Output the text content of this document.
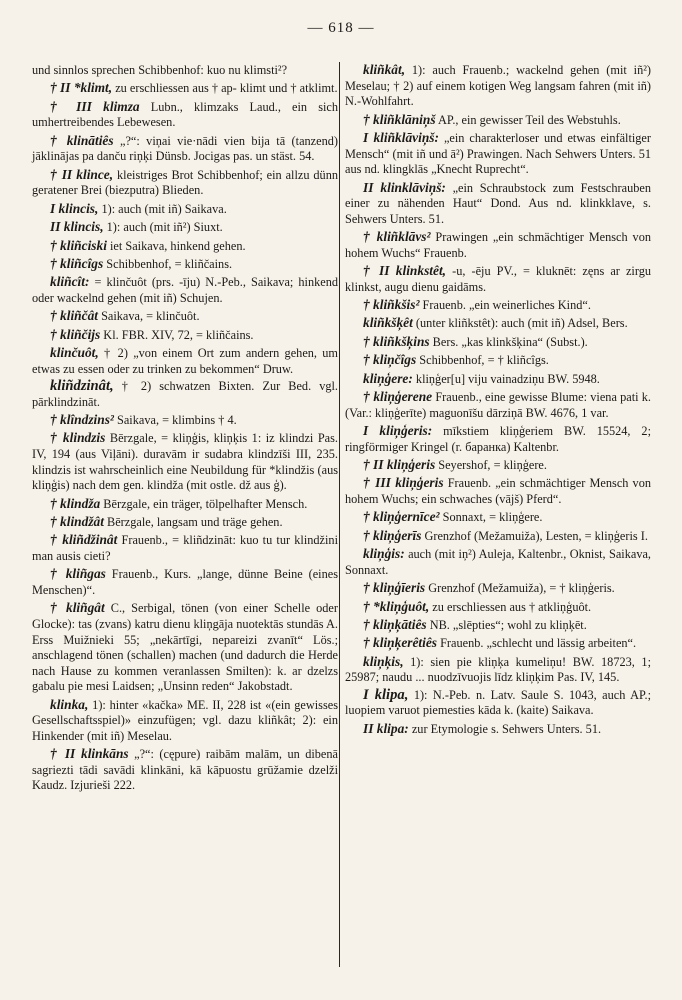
— 618 —

und sinnlos sprechen Schibbenhof: kuo nu klimsti²?

† II *klimt, zu erschliessen aus † ap- klimt und † atklimt.

† III klimza Lubn., klimzaks Laud., ein sich umhertreibendes Lebewesen.

† klinātiês „?“: viņai vie·nādi vien bija tā (tanzend) jāklinājas pa danču riņķi Dünsb. Jocigas pas. un stäst. 54.

† II klince, kleistriges Brot Schibbenhof; ein allzu dünn geratener Brei (biezputra) Blieden.

I klincis, 1): auch (mit iñ) Saikava.

II klincis, 1): auch (mit iñ²) Siuxt.

† kliñciski iet Saikava, hinkend gehen.

† kliñcîgs Schibbenhof, = kliñčains.

kliñcît: = klinčuôt (prs. -īju) N.-Peb., Saikava; hinkend oder wackelnd gehen (mit iñ) Schujen.

† kliñčât Saikava, = klinčuôt.

† kliñčijs Kl. FBR. XIV, 72, = kliñčains.

klinčuôt, † 2) „von einem Ort zum andern gehen, um etwas zu essen oder zu trinken zu bekommen“ Druw.

kliñdzinât, † 2) schwatzen Bixten. Zur Bed. vgl. pārklindzināt.

† klîndzins² Saikava, = klimbins † 4.

† klindzis Bērzgale, = kliņģis, kliņķis 1: iz klindzi Pas. IV, 194 (aus Viļāni). duravām ir sudabra klindzīši III, 235. klindzis ist wahrscheinlich eine Neubildung für *klindžis (aus kliņģis) nach dem gen. klindža (mit ostle. dž aus ģ).

† klindža Bērzgale, ein träger, tölpelhafter Mensch.

† klindžât Bērzgale, langsam und träge gehen.

† kliñdžinât Frauenb., = kliñdzināt: kuo tu tur klindžini man ausis cieti?

† kliñgas Frauenb., Kurs. „lange, dünne Beine (eines Menschen)“.

† kliñgât C., Serbigal, tönen (von einer Schelle oder Glocke): tas (zvans) katru dienu kliņgāja nuotektās stundās A. Erss Muižnieki 55; „nekārtīgi, nepareizi zvanīt“ Lös.; anschlagend tönen (schallen) machen (und dadurch die Herde nach Hause zu kommen veranlassen Smilten): k. ar dzelzs gabalu pie mesi Laidsen; „Unsinn reden“ Jakobstadt.

klinka, 1): hinter «kačka» ME. II, 228 ist «(ein gewisses Gesellschaftsspiel)» einzufügen; vgl. dazu kliñkât; 2): ein Hinkender (mit iñ) Meselau.

† II klinkāns „?“: (cępure) raibām malām, un dibenā sagriezti tādi savādi klinkāni, kā kāpuostu grūžamie dzelži Kaudz. Izjurieši 222.

kliñkât, 1): auch Frauenb.; wackelnd gehen (mit iñ²) Meselau; † 2) auf einem kotigen Weg langsam fahren (mit iñ) N.-Wohlfahrt.

† kliñklāniņš AP., ein gewisser Teil des Webstuhls.

I kliñklāviņš: „ein charakterloser und etwas einfältiger Mensch“ (mit iñ und ā²) Prawingen. Nach Sehwers Unters. 51 aus nd. klingklās „Knecht Ruprecht“.

II klinklāviņš: „ein Schraubstock zum Festschrauben einer zu nähenden Haut“ Dond. Aus nd. klinkklave, s. Sehwers Unters. 51.

† kliñklāvs² Prawingen „ein schmächtiger Mensch von hohem Wuchs“ Frauenb.

† II klinkstêt, -u, -ēju PV., = kluknēt: zęns ar zirgu klinkst, augu dienu gaidāms.

† kliñkšis² Frauenb. „ein weinerliches Kind“.

kliñkšķêt (unter kliñkstêt): auch (mit iñ) Adsel, Bers.

† kliñkšķins Bers. „kas klinkšķina“ (Subst.).

† kliņčîgs Schibbenhof, = † kliñcîgs.

kliņģere: kliņģer[u] viju vainadziņu BW. 5948.

† kliņģerene Frauenb., eine gewisse Blume: viena pati k. (Var.: kliņģerīte) maguonīšu dārziņā BW. 4676, 1 var.

I kliņģeris: mīkstiem kliņģeriem BW. 15524, 2; ringförmiger Kringel (r. баранка) Kaltenbr.

† II kliņģeris Seyershof, = kliņģere.

† III kliņģeris Frauenb. „ein schmächtiger Mensch von hohem Wuchs; ein schwaches (vājš) Pferd“.

† kliņģernīce² Sonnaxt, = kliņģere.

† kliņģerīs Grenzhof (Mežamuiža), Lesten, = kliņģeris I.

kliņģis: auch (mit iņ²) Auleja, Kaltenbr., Oknist, Saikava, Sonnaxt.

† kliņģīeris Grenzhof (Mežamuiža), = † kliņģeris.

† *kliņģuôt, zu erschliessen aus † atkliņģuôt.

† kliņķātiês NB. „slēpties“; wohl zu kliņķēt.

† kliņķerêtiês Frauenb. „schlecht und lässig arbeiten“.

kliņķis, 1): sien pie kliņķa kumeliņu! BW. 18723, 1; 25987; naudu ... nuodzīvuojis līdz kliņķim Pas. IV, 145.

I klipa, 1): N.-Peb. n. Latv. Saule S. 1043, auch AP.; luopiem varuot piemesties kāda k. (kaite) Saikava.

II klipa: zur Etymologie s. Sehwers Unters. 51.
